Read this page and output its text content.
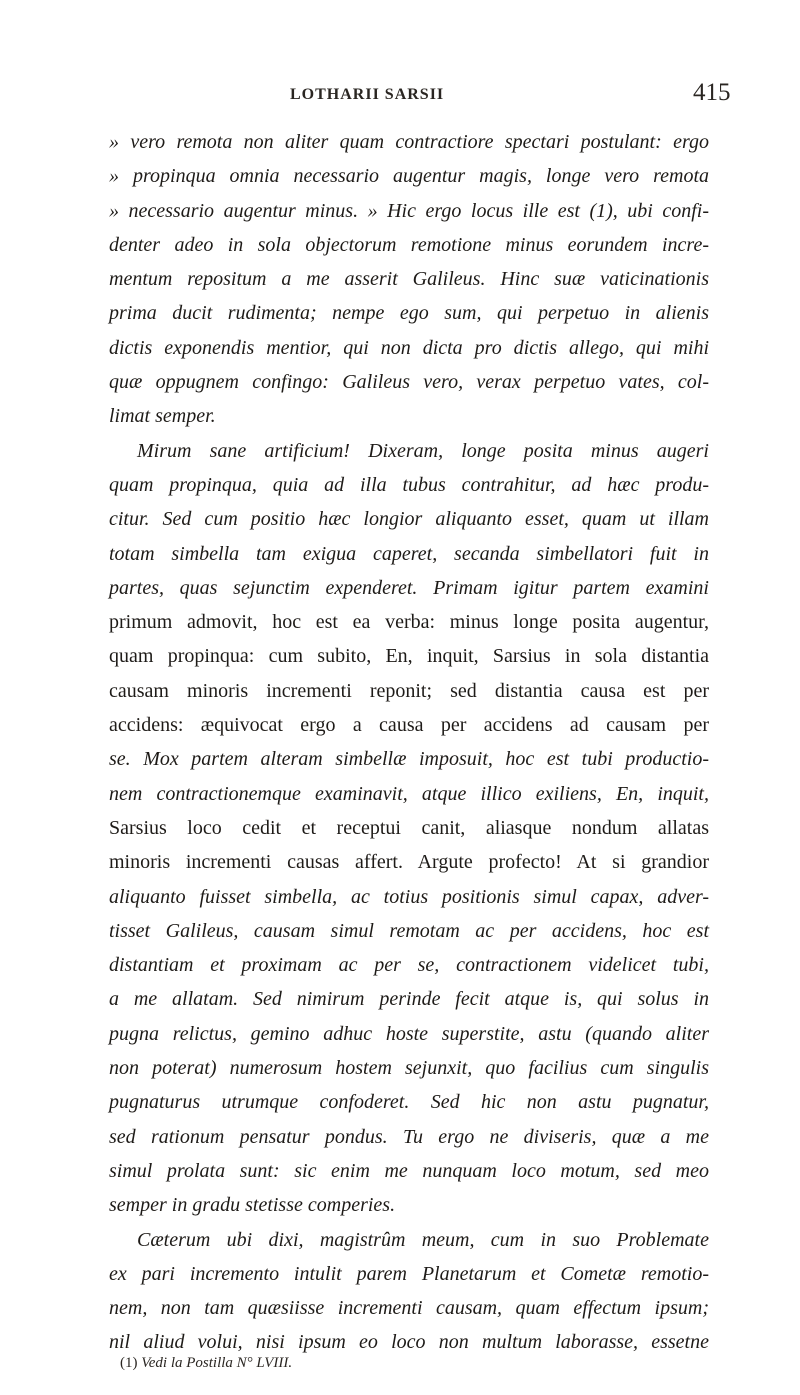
LOTHARII SARSII	415
» vero remota non aliter quam contractiore spectari postulant: ergo
» propinqua omnia necessario augentur magis, longe vero remota
» necessario augentur minus. » Hic ergo locus ille est (1), ubi confi-
denter adeo in sola objectorum remotione minus eorundem incre-
mentum repositum a me asserit Galileus. Hinc suæ vaticinationis
prima ducit rudimenta; nempe ego sum, qui perpetuo in alienis
dictis exponendis mentior, qui non dicta pro dictis allego, qui mihi
quæ oppugnem confingo: Galileus vero, verax perpetuo vates, col-
limat semper.
Mirum sane artificium! Dixeram, longe posita minus augeri
quam propinqua, quia ad illa tubus contrahitur, ad hæc produ-
citur. Sed cum positio hæc longior aliquanto esset, quam ut illam
totam simbella tam exigua caperet, secanda simbellatori fuit in
partes, quas sejunctim expenderet. Primam igitur partem examini
primum admovit, hoc est ea verba: minus longe posita augentur,
quam propinqua: cum subito, En, inquit, Sarsius in sola distantia
causam minoris incrementi reponit; sed distantia causa est per
accidens: æquivocat ergo a causa per accidens ad causam per
se. Mox partem alteram simbellæ imposuit, hoc est tubi productio-
nem contractionemque examinavit, atque illico exiliens, En, inquit,
Sarsius loco cedit et receptui canit, aliasque nondum allatas
minoris incrementi causas affert. Argute profecto! At si grandior
aliquanto fuisset simbella, ac totius positionis simul capax, adver-
tisset Galileus, causam simul remotam ac per accidens, hoc est
distantiam et proximam ac per se, contractionem videlicet tubi,
a me allatam. Sed nimirum perinde fecit atque is, qui solus in
pugna relictus, gemino adhuc hoste superstite, astu (quando aliter
non poterat) numerosum hostem sejunxit, quo facilius cum singulis
pugnaturus utrumque confoderet. Sed hic non astu pugnatur,
sed rationum pensatur pondus. Tu ergo ne diviseris, quæ a me
simul prolata sunt: sic enim me nunquam loco motum, sed meo
semper in gradu stetisse comperies.
Cæterum ubi dixi, magistrûm meum, cum in suo Problemate
ex pari incremento intulit parem Planetarum et Cometæ remotio-
nem, non tam quæsiisse incrementi causam, quam effectum ipsum;
nil aliud volui, nisi ipsum eo loco non multum laborasse, essetne
(1) Vedi la Postilla N° LVIII.
